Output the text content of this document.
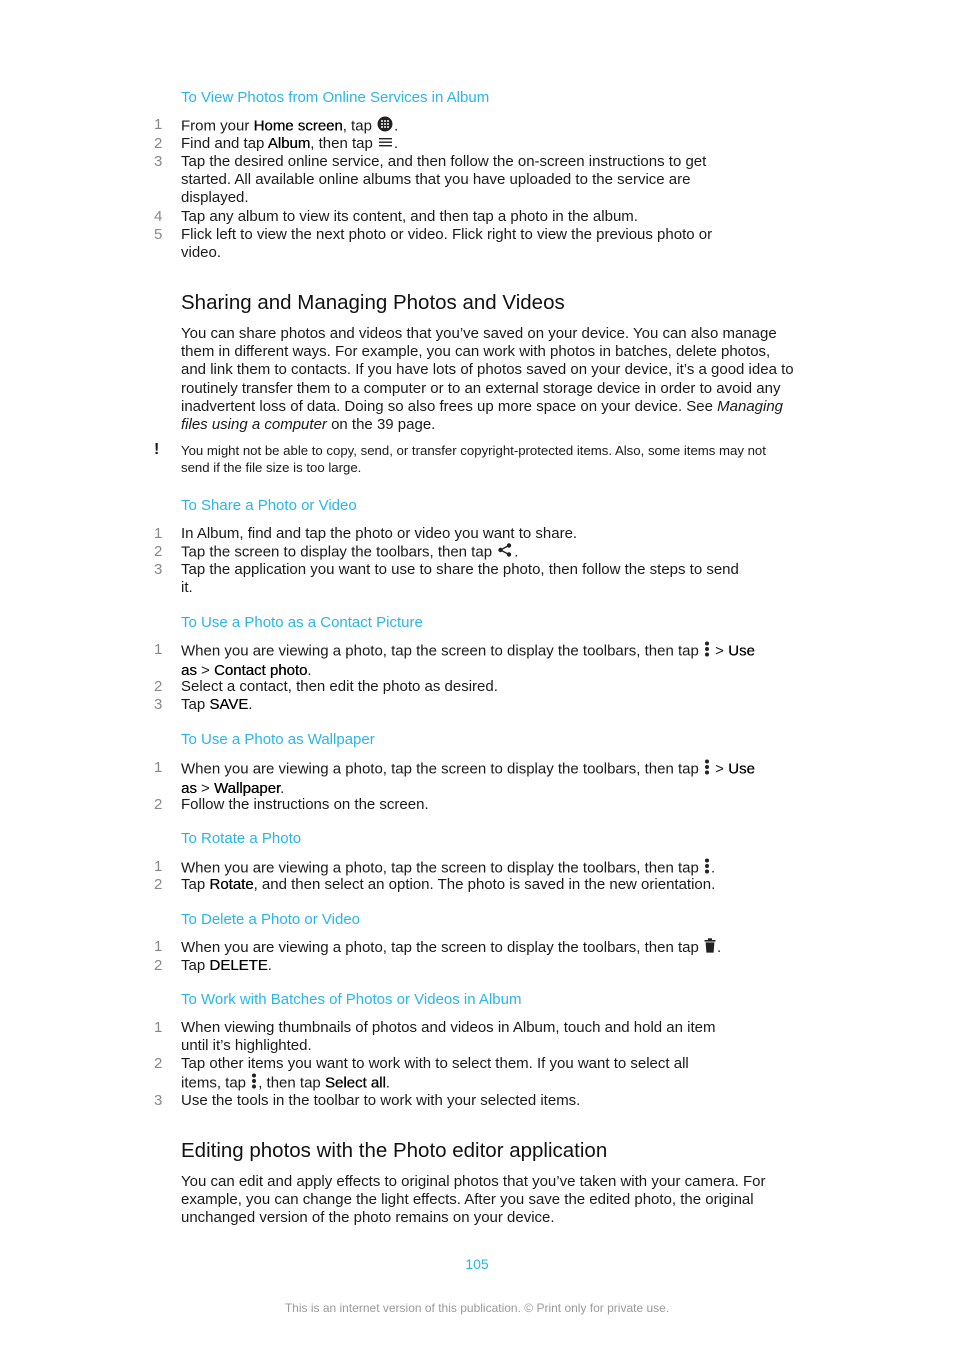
To View Photos from Online Services in Album
1 From your Home screen, tap .
2 Find and tap Album, then tap .
3 Tap the desired online service, and then follow the on-screen instructions to get started. All available online albums that you have uploaded to the service are displayed.
4 Tap any album to view its content, and then tap a photo in the album.
5 Flick left to view the next photo or video. Flick right to view the previous photo or video.
Sharing and Managing Photos and Videos
You can share photos and videos that you’ve saved on your device. You can also manage them in different ways. For example, you can work with photos in batches, delete photos, and link them to contacts. If you have lots of photos saved on your device, it’s a good idea to routinely transfer them to a computer or to an external storage device in order to avoid any inadvertent loss of data. Doing so also frees up more space on your device. See Managing files using a computer on the 39 page.
! You might not be able to copy, send, or transfer copyright-protected items. Also, some items may not send if the file size is too large.
To Share a Photo or Video
1 In Album, find and tap the photo or video you want to share.
2 Tap the screen to display the toolbars, then tap .
3 Tap the application you want to use to share the photo, then follow the steps to send it.
To Use a Photo as a Contact Picture
1 When you are viewing a photo, tap the screen to display the toolbars, then tap  > Use as > Contact photo.
2 Select a contact, then edit the photo as desired.
3 Tap SAVE.
To Use a Photo as Wallpaper
1 When you are viewing a photo, tap the screen to display the toolbars, then tap  > Use as > Wallpaper.
2 Follow the instructions on the screen.
To Rotate a Photo
1 When you are viewing a photo, tap the screen to display the toolbars, then tap .
2 Tap Rotate, and then select an option. The photo is saved in the new orientation.
To Delete a Photo or Video
1 When you are viewing a photo, tap the screen to display the toolbars, then tap .
2 Tap DELETE.
To Work with Batches of Photos or Videos in Album
1 When viewing thumbnails of photos and videos in Album, touch and hold an item until it’s highlighted.
2 Tap other items you want to work with to select them. If you want to select all items, tap , then tap Select all.
3 Use the tools in the toolbar to work with your selected items.
Editing photos with the Photo editor application
You can edit and apply effects to original photos that you’ve taken with your camera. For example, you can change the light effects. After you save the edited photo, the original unchanged version of the photo remains on your device.
105
This is an internet version of this publication. © Print only for private use.
